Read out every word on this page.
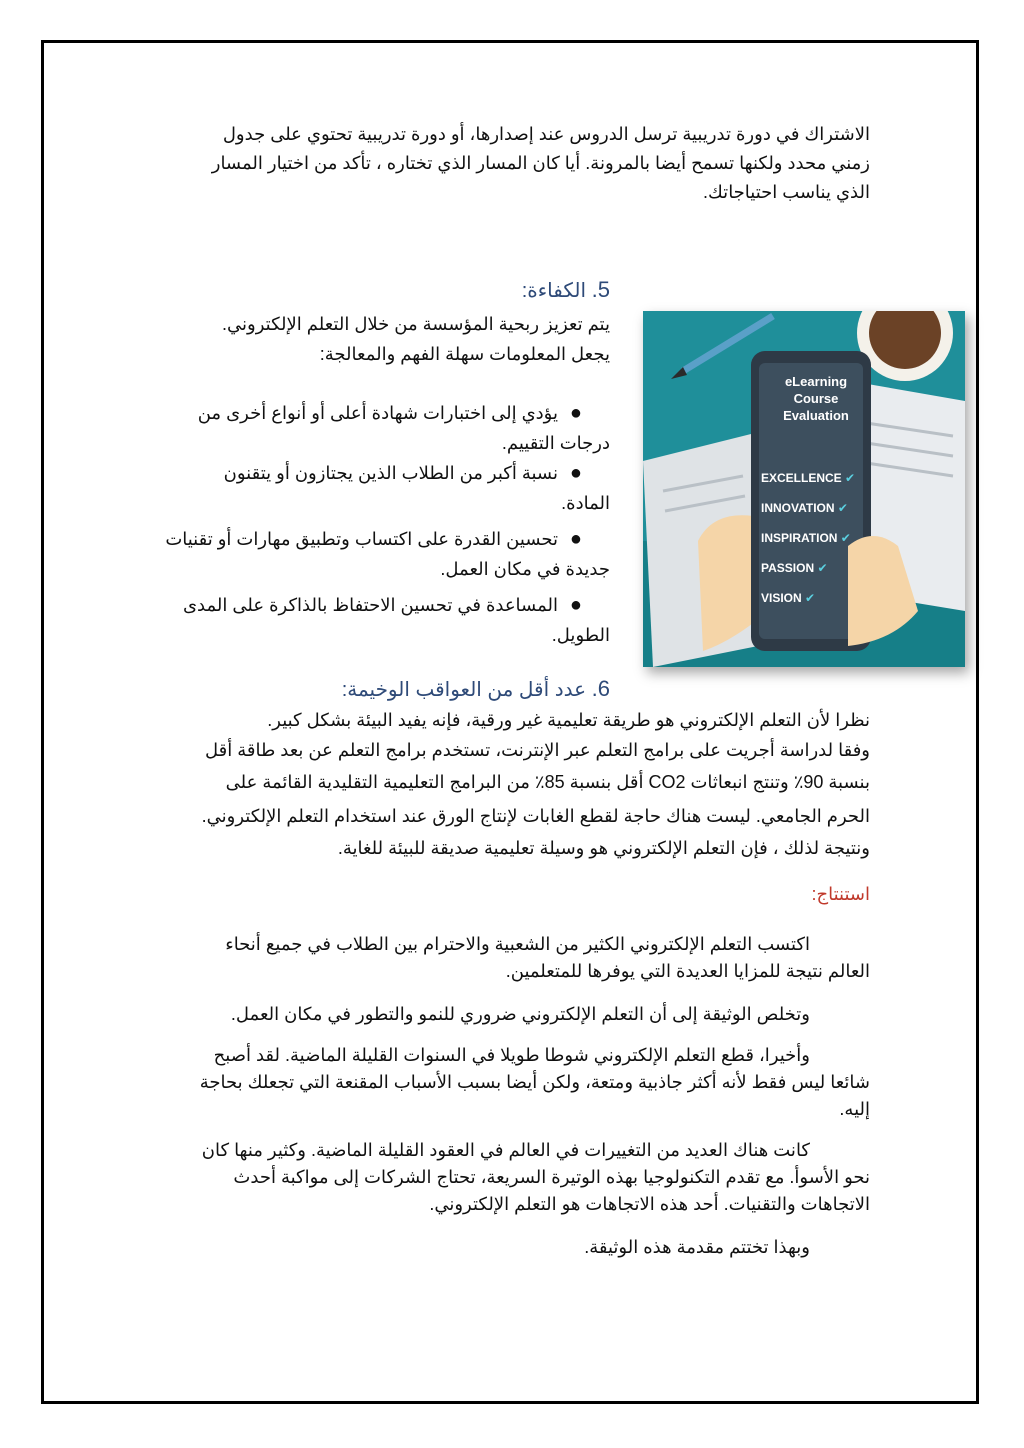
الاشتراك في دورة تدريبية ترسل الدروس عند إصدارها، أو دورة تدريبية تحتوي على جدول
زمني محدد ولكنها تسمح أيضا بالمرونة. أيا كان المسار الذي تختاره ، تأكد من اختيار المسار
الذي يناسب احتياجاتك.
5. الكفاءة:
يتم تعزيز ربحية المؤسسة من خلال التعلم الإلكتروني.
يجعل المعلومات سهلة الفهم والمعالجة:
●
يؤدي إلى اختبارات شهادة أعلى أو أنواع أخرى من
درجات التقييم.
●
نسبة أكبر من الطلاب الذين يجتازون أو يتقنون
المادة.
●
تحسين القدرة على اكتساب وتطبيق مهارات أو تقنيات
جديدة في مكان العمل.
●
المساعدة في تحسين الاحتفاظ بالذاكرة على المدى
الطويل.
eLearning
Course Evaluation
EXCELLENCE ✔
INNOVATION ✔
INSPIRATION ✔
PASSION ✔
VISION ✔
6. عدد أقل من العواقب الوخيمة:
نظرا لأن التعلم الإلكتروني هو طريقة تعليمية غير ورقية، فإنه يفيد البيئة بشكل كبير.
وفقا لدراسة أجريت على برامج التعلم عبر الإنترنت، تستخدم برامج التعلم عن بعد طاقة أقل
بنسبة 90٪ وتنتج انبعاثات CO2 أقل بنسبة 85٪ من البرامج التعليمية التقليدية القائمة على
الحرم الجامعي. ليست هناك حاجة لقطع الغابات لإنتاج الورق عند استخدام التعلم الإلكتروني.
ونتيجة لذلك ، فإن التعلم الإلكتروني هو وسيلة تعليمية صديقة للبيئة للغاية.
استنتاج:
اكتسب التعلم الإلكتروني الكثير من الشعبية والاحترام بين الطلاب في جميع أنحاء
العالم نتيجة للمزايا العديدة التي يوفرها للمتعلمين.
وتخلص الوثيقة إلى أن التعلم الإلكتروني ضروري للنمو والتطور في مكان العمل.
وأخيرا، قطع التعلم الإلكتروني شوطا طويلا في السنوات القليلة الماضية. لقد أصبح
شائعا ليس فقط لأنه أكثر جاذبية ومتعة، ولكن أيضا بسبب الأسباب المقنعة التي تجعلك بحاجة
إليه.
كانت هناك العديد من التغييرات في العالم في العقود القليلة الماضية. وكثير منها كان
نحو الأسوأ. مع تقدم التكنولوجيا بهذه الوتيرة السريعة، تحتاج الشركات إلى مواكبة أحدث
الاتجاهات والتقنيات. أحد هذه الاتجاهات هو التعلم الإلكتروني.
وبهذا تختتم مقدمة هذه الوثيقة.
